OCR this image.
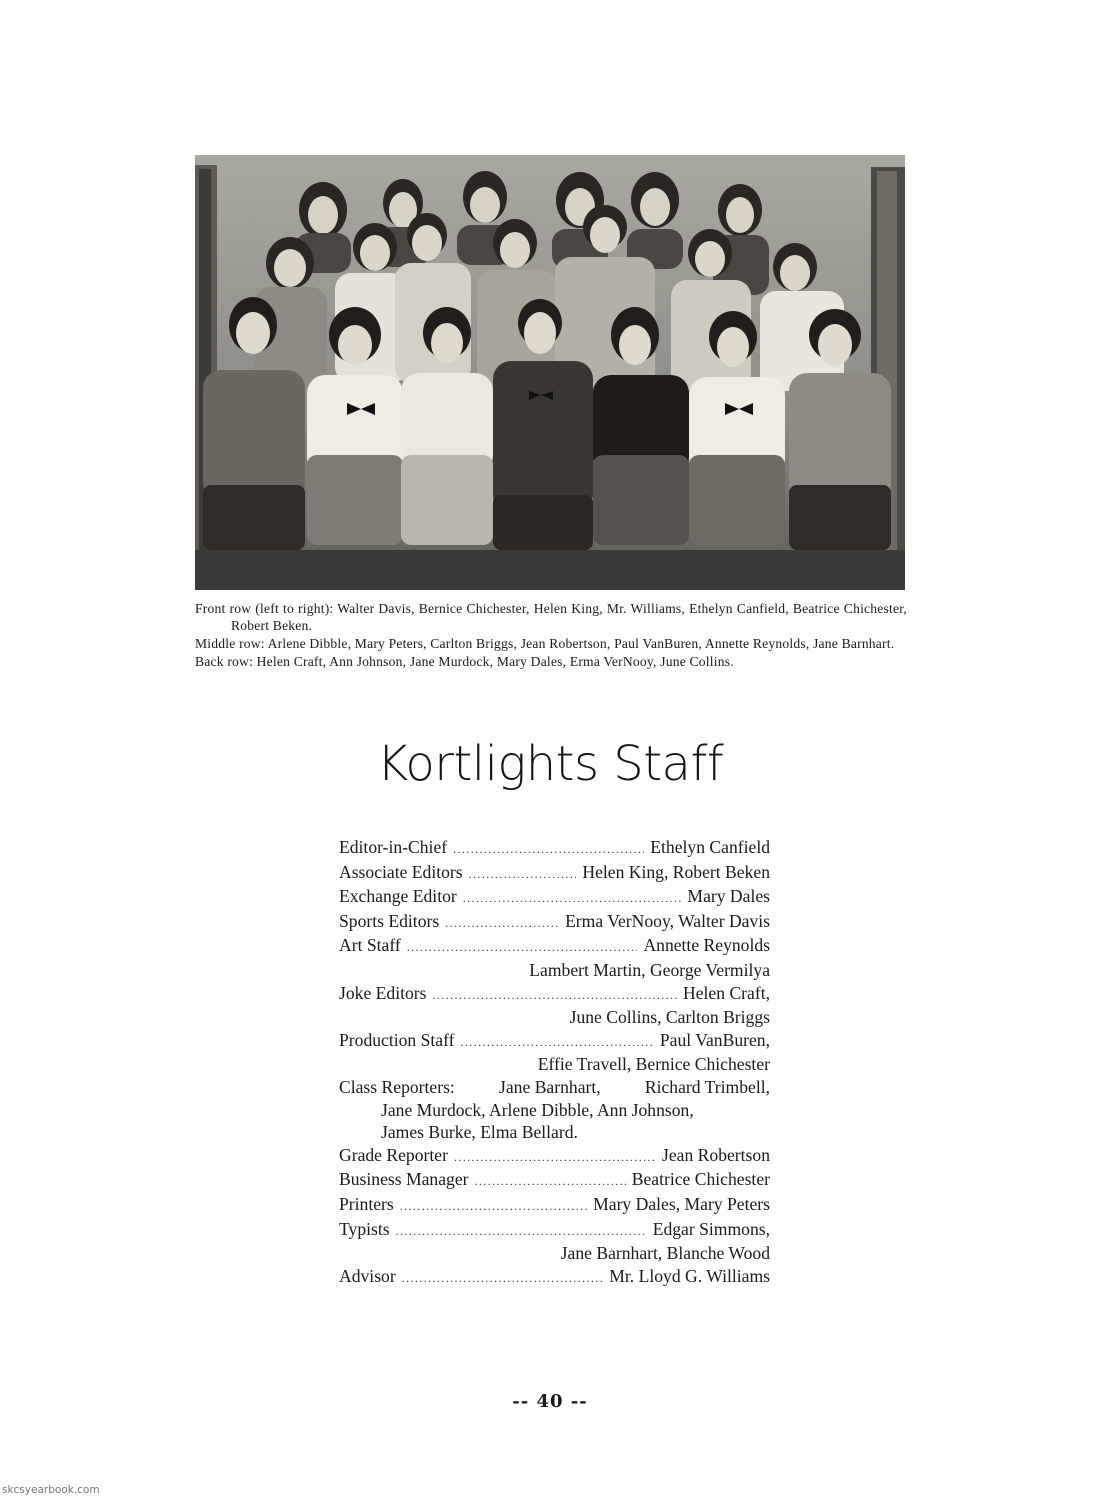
Front row (left to right): Walter Davis, Bernice Chichester, Helen King, Mr. Williams, Ethelyn Canfield, Beatrice Chichester, Robert Beken.

Middle row: Arlene Dibble, Mary Peters, Carlton Briggs, Jean Robertson, Paul VanBuren, Annette Reynolds, Jane Barnhart.

Back row: Helen Craft, Ann Johnson, Jane Murdock, Mary Dales, Erma VerNooy, June Collins.

Kortlights Staff
Editor-in-Chief .....	Ethelyn Canfield
Associate Editors .....	Helen King, Robert Beken
Exchange Editor .....	Mary Dales
Sports Editors .....	Erma VerNooy, Walter Davis
Art Staff .....	Annette Reynolds
Lambert Martin, George Vermilya
Joke Editors .....	Helen Craft,
June Collins, Carlton Briggs
Production Staff .....	Paul VanBuren,
Effie Travell, Bernice Chichester
Class Reporters:	Jane Barnhart,	Richard Trimbell,
Jane Murdock, Arlene Dibble, Ann Johnson,
James Burke, Elma Bellard.
Grade Reporter .....	Jean Robertson
Business Manager .....	Beatrice Chichester
Printers .....	Mary Dales, Mary Peters
Typists .....	Edgar Simmons,
Jane Barnhart, Blanche Wood
Advisor .....	Mr. Lloyd G. Williams
-- 40 --
skcsyearbook.com
